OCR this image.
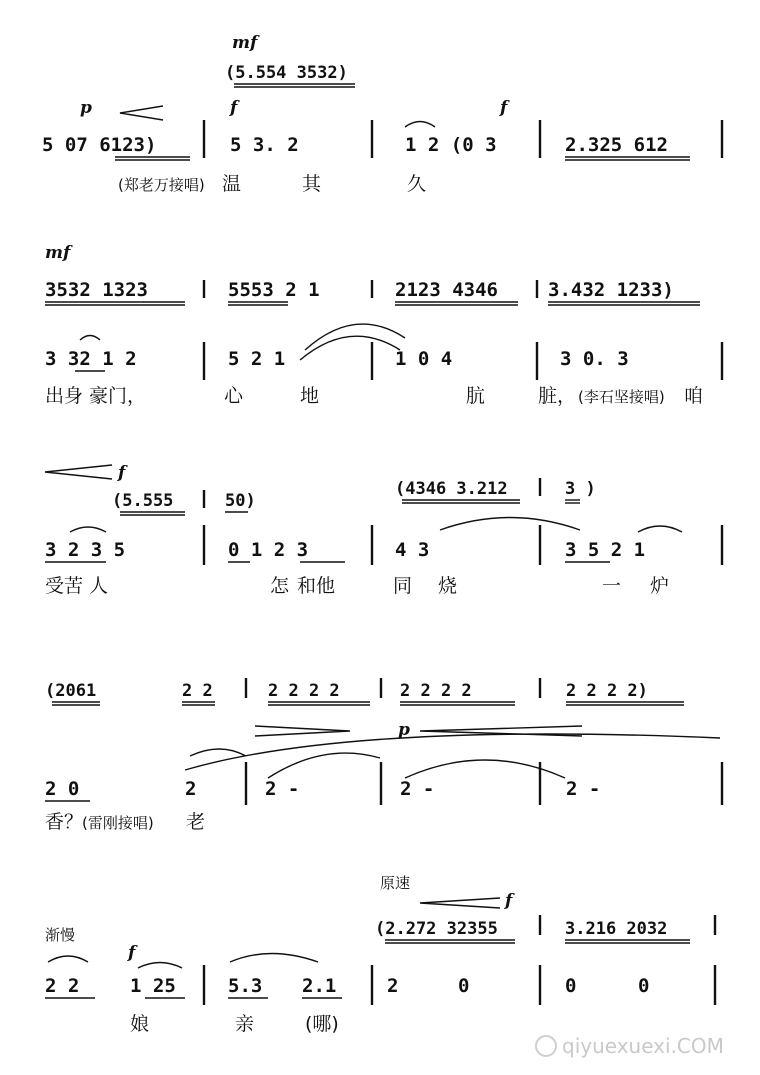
mf
(5.554 3532)
p	f	f
5 07 6123)	5 3. 2	1 2 (0 3	2.325 612
(郑老万接唱) 温	其	久
mf
3532 1323	5553 2 1	2123 4346	3.432 1233)
3 32 1 2	5 2 1	1 0 4	3 0. 3
出身 豪门，	心	地	肮	脏， (李石坚接唱) 咱
f
(5.555	50)
(4346 3.212	3 )
3 2 3 5	0 1 2 3	4 3	3 5 2 1
受苦 人	怎 和他	同 烧	一 炉
(2061	2 2	2 2 2 2	2 2 2 2	2 2 2 2)
p
2 0	2	2 -	2 -	2 -
香？
(雷刚接唱) 老
原速
f
(2.272 32355	3.216 2032
渐慢
f
2 2	1 25	5.3 2.1	2	0	0	0
娘	亲	(哪)
qiyuexuexi.COM
